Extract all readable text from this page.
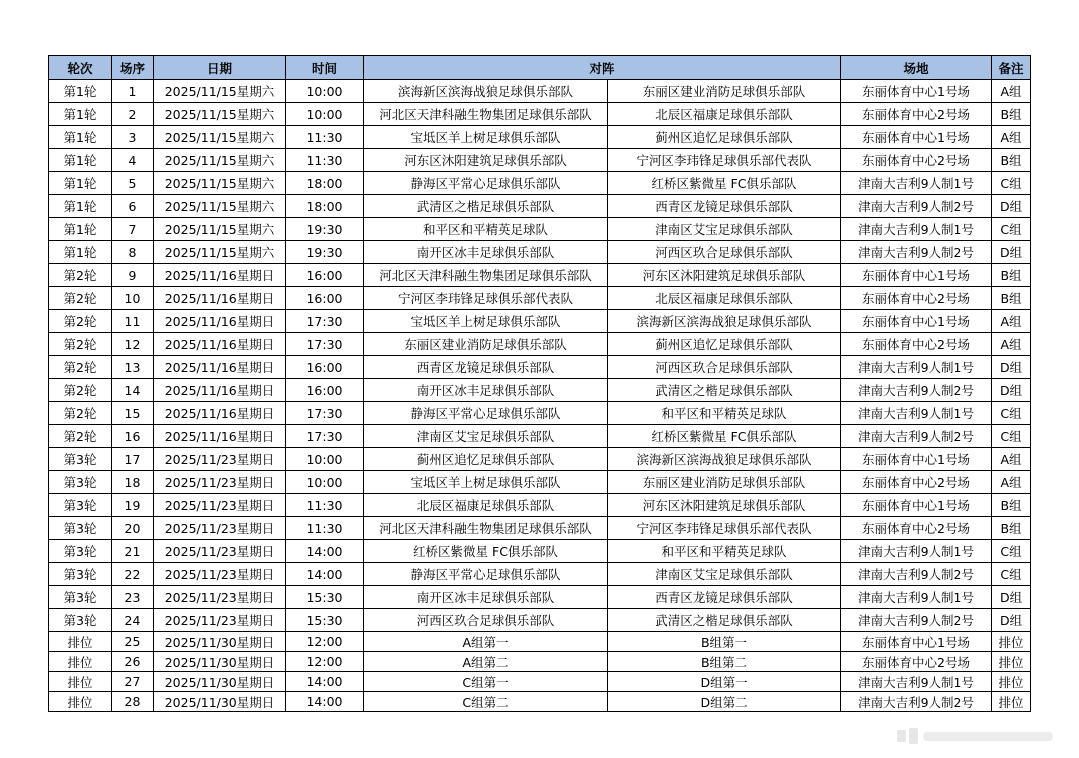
轮次	场序	日期	时间	对阵		场地	备注
第1轮	1	2025/11/15星期六	10:00	滨海新区滨海战狼足球俱乐部队	东丽区建业消防足球俱乐部队	东丽体育中心1号场	A组
第1轮	2	2025/11/15星期六	10:00	河北区天津科融生物集团足球俱乐部队	北辰区福康足球俱乐部队	东丽体育中心2号场	B组
第1轮	3	2025/11/15星期六	11:30	宝坻区羊上树足球俱乐部队	蓟州区追忆足球俱乐部队	东丽体育中心1号场	A组
第1轮	4	2025/11/15星期六	11:30	河东区沐阳建筑足球俱乐部队	宁河区李玮锋足球俱乐部代表队	东丽体育中心2号场	B组
第1轮	5	2025/11/15星期六	18:00	静海区平常心足球俱乐部队	红桥区紫微星 FC俱乐部队	津南大吉利9人制1号	C组
第1轮	6	2025/11/15星期六	18:00	武清区之楷足球俱乐部队	西青区龙镜足球俱乐部队	津南大吉利9人制2号	D组
第1轮	7	2025/11/15星期六	19:30	和平区和平精英足球队	津南区艾宝足球俱乐部队	津南大吉利9人制1号	C组
第1轮	8	2025/11/15星期六	19:30	南开区冰丰足球俱乐部队	河西区玖合足球俱乐部队	津南大吉利9人制2号	D组
第2轮	9	2025/11/16星期日	16:00	河北区天津科融生物集团足球俱乐部队	河东区沐阳建筑足球俱乐部队	东丽体育中心1号场	B组
第2轮	10	2025/11/16星期日	16:00	宁河区李玮锋足球俱乐部代表队	北辰区福康足球俱乐部队	东丽体育中心2号场	B组
第2轮	11	2025/11/16星期日	17:30	宝坻区羊上树足球俱乐部队	滨海新区滨海战狼足球俱乐部队	东丽体育中心1号场	A组
第2轮	12	2025/11/16星期日	17:30	东丽区建业消防足球俱乐部队	蓟州区追忆足球俱乐部队	东丽体育中心2号场	A组
第2轮	13	2025/11/16星期日	16:00	西青区龙镜足球俱乐部队	河西区玖合足球俱乐部队	津南大吉利9人制1号	D组
第2轮	14	2025/11/16星期日	16:00	南开区冰丰足球俱乐部队	武清区之楷足球俱乐部队	津南大吉利9人制2号	D组
第2轮	15	2025/11/16星期日	17:30	静海区平常心足球俱乐部队	和平区和平精英足球队	津南大吉利9人制1号	C组
第2轮	16	2025/11/16星期日	17:30	津南区艾宝足球俱乐部队	红桥区紫微星 FC俱乐部队	津南大吉利9人制2号	C组
第3轮	17	2025/11/23星期日	10:00	蓟州区追忆足球俱乐部队	滨海新区滨海战狼足球俱乐部队	东丽体育中心1号场	A组
第3轮	18	2025/11/23星期日	10:00	宝坻区羊上树足球俱乐部队	东丽区建业消防足球俱乐部队	东丽体育中心2号场	A组
第3轮	19	2025/11/23星期日	11:30	北辰区福康足球俱乐部队	河东区沐阳建筑足球俱乐部队	东丽体育中心1号场	B组
第3轮	20	2025/11/23星期日	11:30	河北区天津科融生物集团足球俱乐部队	宁河区李玮锋足球俱乐部代表队	东丽体育中心2号场	B组
第3轮	21	2025/11/23星期日	14:00	红桥区紫微星 FC俱乐部队	和平区和平精英足球队	津南大吉利9人制1号	C组
第3轮	22	2025/11/23星期日	14:00	静海区平常心足球俱乐部队	津南区艾宝足球俱乐部队	津南大吉利9人制2号	C组
第3轮	23	2025/11/23星期日	15:30	南开区冰丰足球俱乐部队	西青区龙镜足球俱乐部队	津南大吉利9人制1号	D组
第3轮	24	2025/11/23星期日	15:30	河西区玖合足球俱乐部队	武清区之楷足球俱乐部队	津南大吉利9人制2号	D组
排位	25	2025/11/30星期日	12:00	A组第一	B组第一	东丽体育中心1号场	排位
排位	26	2025/11/30星期日	12:00	A组第二	B组第二	东丽体育中心2号场	排位
排位	27	2025/11/30星期日	14:00	C组第一	D组第一	津南大吉利9人制1号	排位
排位	28	2025/11/30星期日	14:00	C组第二	D组第二	津南大吉利9人制2号	排位
